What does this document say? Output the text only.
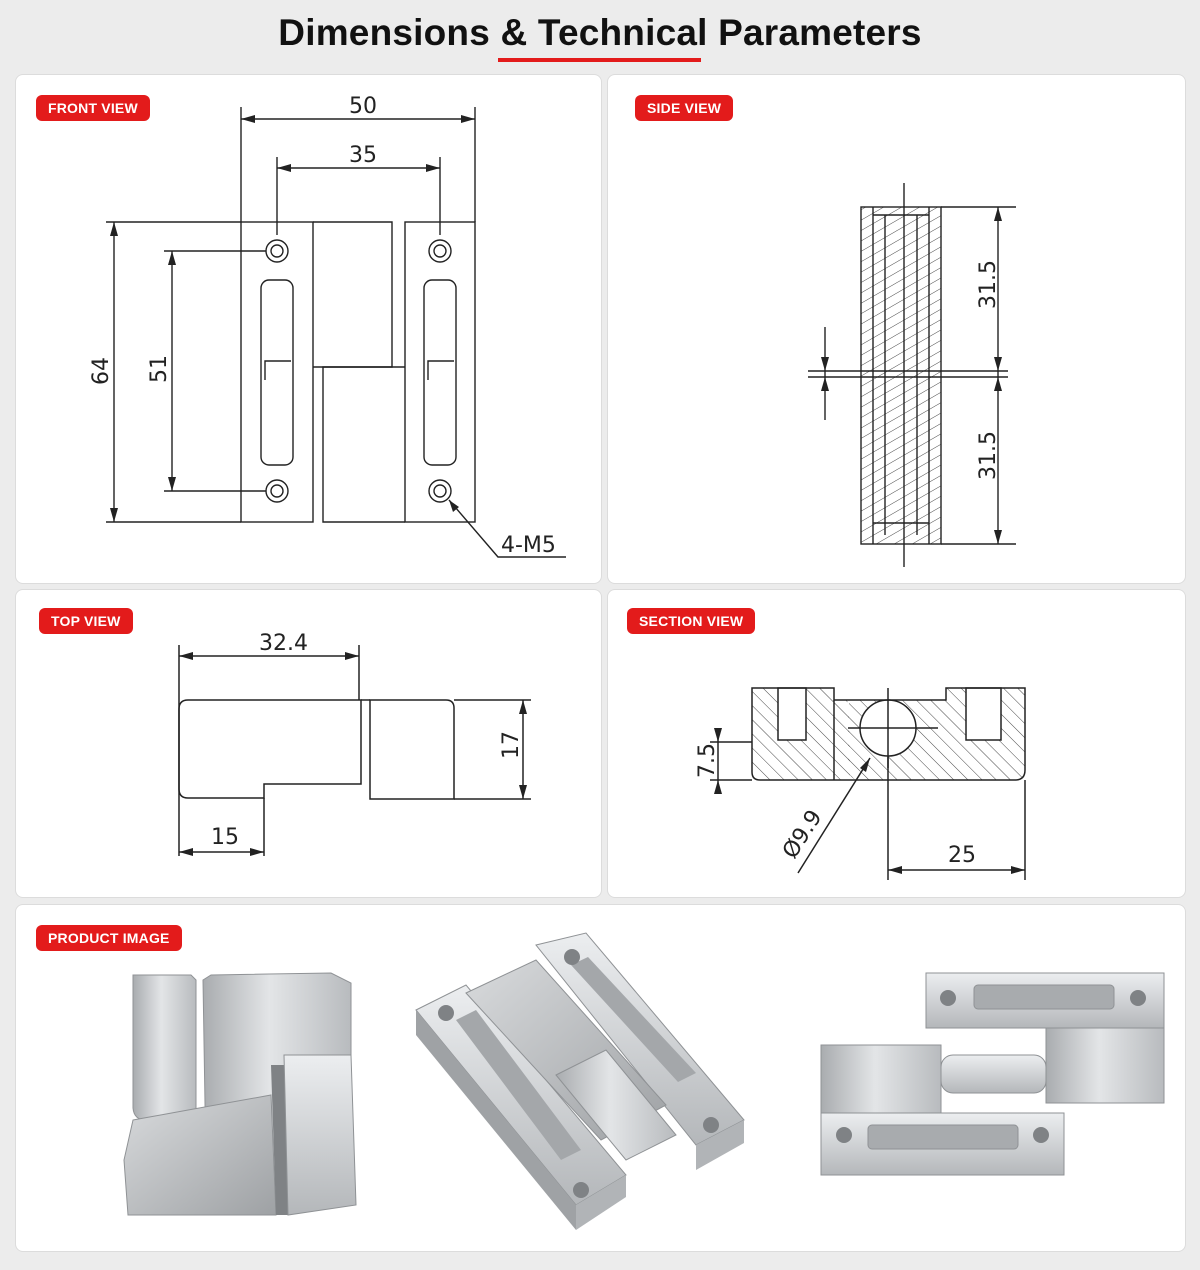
Dimensions & Technical Parameters
FRONT VIEW	50
35
64 51
4-M5
SIDE VIEW
31.5
31.5
TOP VIEW
32.4
15
17
SECTION VIEW
7.5
Ø9.9	25
PRODUCT IMAGE
